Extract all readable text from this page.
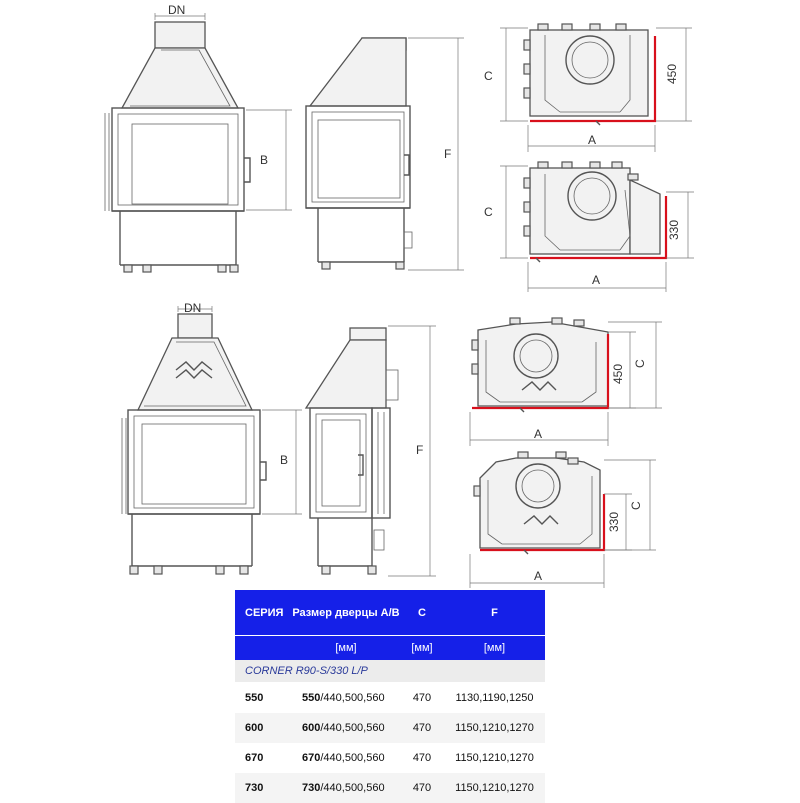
DN
B	F
C	450
A
C
330
A
DN
B
F
450
C
A
330
C
A
СЕРИЯ	Размер дверцы A/B	C	F
	[мм]	[мм]	[мм]
CORNER R90-S/330 L/P			
550	550/440,500,560	470	1130,1190,1250
600	600/440,500,560	470	1150,1210,1270
670	670/440,500,560	470	1150,1210,1270
730	730/440,500,560	470	1150,1210,1270
